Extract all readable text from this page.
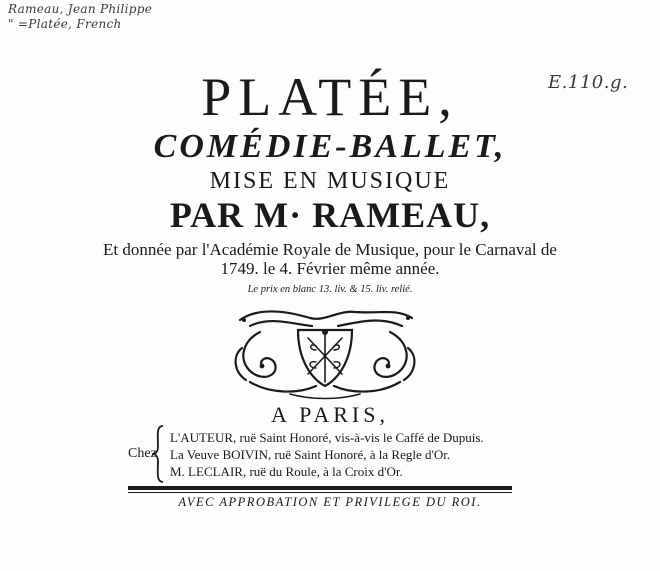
Rameau, Jean Philippe
" =Platée, French
E.110.g.
PLATÉE,
COMÉDIE-BALLET,
MISE EN MUSIQUE
PAR M· RAMEAU,
Et donnée par l'Académie Royale de Musique, pour le Carnaval de
1749. le 4. Février même année.
Le prix en blanc 13. liv. & 15. liv. relié.
A PARIS,
Chez
L'AUTEUR, ruë Saint Honoré, vis-à-vis le Caffé de Dupuis.
La Veuve BOIVIN, ruë Saint Honoré, à la Regle d'Or.
M. LECLAIR, ruë du Roule, à la Croix d'Or.
AVEC APPROBATION ET PRIVILEGE DU ROI.
